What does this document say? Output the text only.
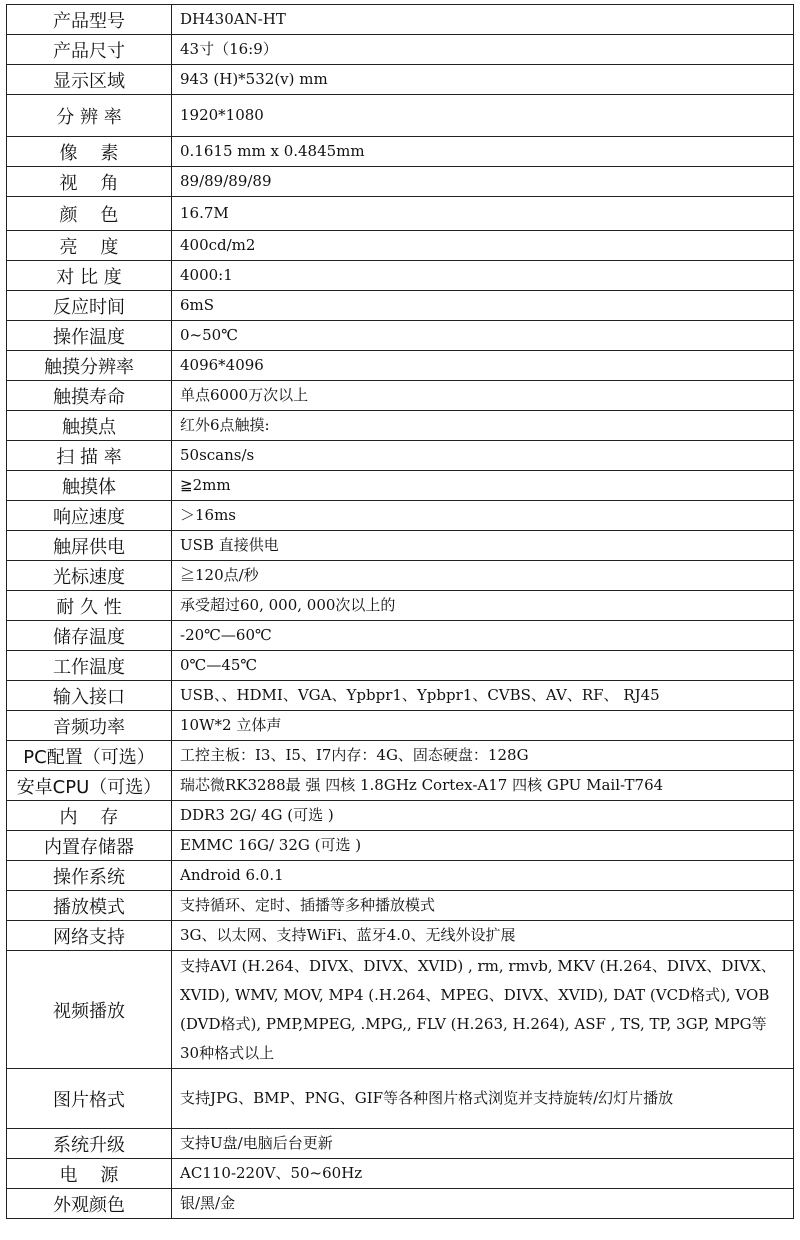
产品型号	DH430AN-HT
产品尺寸	43寸（16:9）
显示区域	943 (H)*532(v) mm
分 辨 率	1920*1080
像    素	0.1615 mm x 0.4845mm
视    角	89/89/89/89
颜    色	16.7M
亮    度	400cd/m2
对 比 度	4000:1
反应时间	6mS
操作温度	0~50℃
触摸分辨率	4096*4096
触摸寿命	单点6000万次以上
触摸点	红外6点触摸:
扫 描 率	50scans/s
触摸体	≧2mm
响应速度	＞16ms
触屏供电	USB 直接供电
光标速度	≧120点/秒
耐 久 性	承受超过60, 000, 000次以上的
储存温度	-20℃—60℃
工作温度	0℃—45℃
输入接口	USB、、HDMI、VGA、Ypbpr1、Ypbpr1、CVBS、AV、RF、 RJ45
音频功率	10W*2 立体声
PC配置（可选）	工控主板：I3、I5、I7内存：4G、固态硬盘：128G
安卓CPU（可选）	瑞芯微RK3288最 强 四核 1.8GHz Cortex-A17 四核 GPU Mail-T764
内    存	DDR3 2G/ 4G (可选 )
内置存储器	EMMC 16G/ 32G (可选 )
操作系统	Android 6.0.1
播放模式	支持循环、定时、插播等多种播放模式
网络支持	3G、以太网、支持WiFi、蓝牙4.0、无线外设扩展
视频播放	支持AVI (H.264、DIVX、DIVX、XVID) , rm, rmvb, MKV (H.264、DIVX、DIVX、XVID), WMV, MOV, MP4 (.H.264、MPEG、DIVX、XVID), DAT (VCD格式), VOB (DVD格式), PMP,MPEG, .MPG,, FLV (H.263, H.264), ASF , TS, TP, 3GP, MPG等30种格式以上
图片格式	支持JPG、BMP、PNG、GIF等各种图片格式浏览并支持旋转/幻灯片播放
系统升级	支持U盘/电脑后台更新
电    源	AC110-220V、50~60Hz
外观颜色	银/黑/金
